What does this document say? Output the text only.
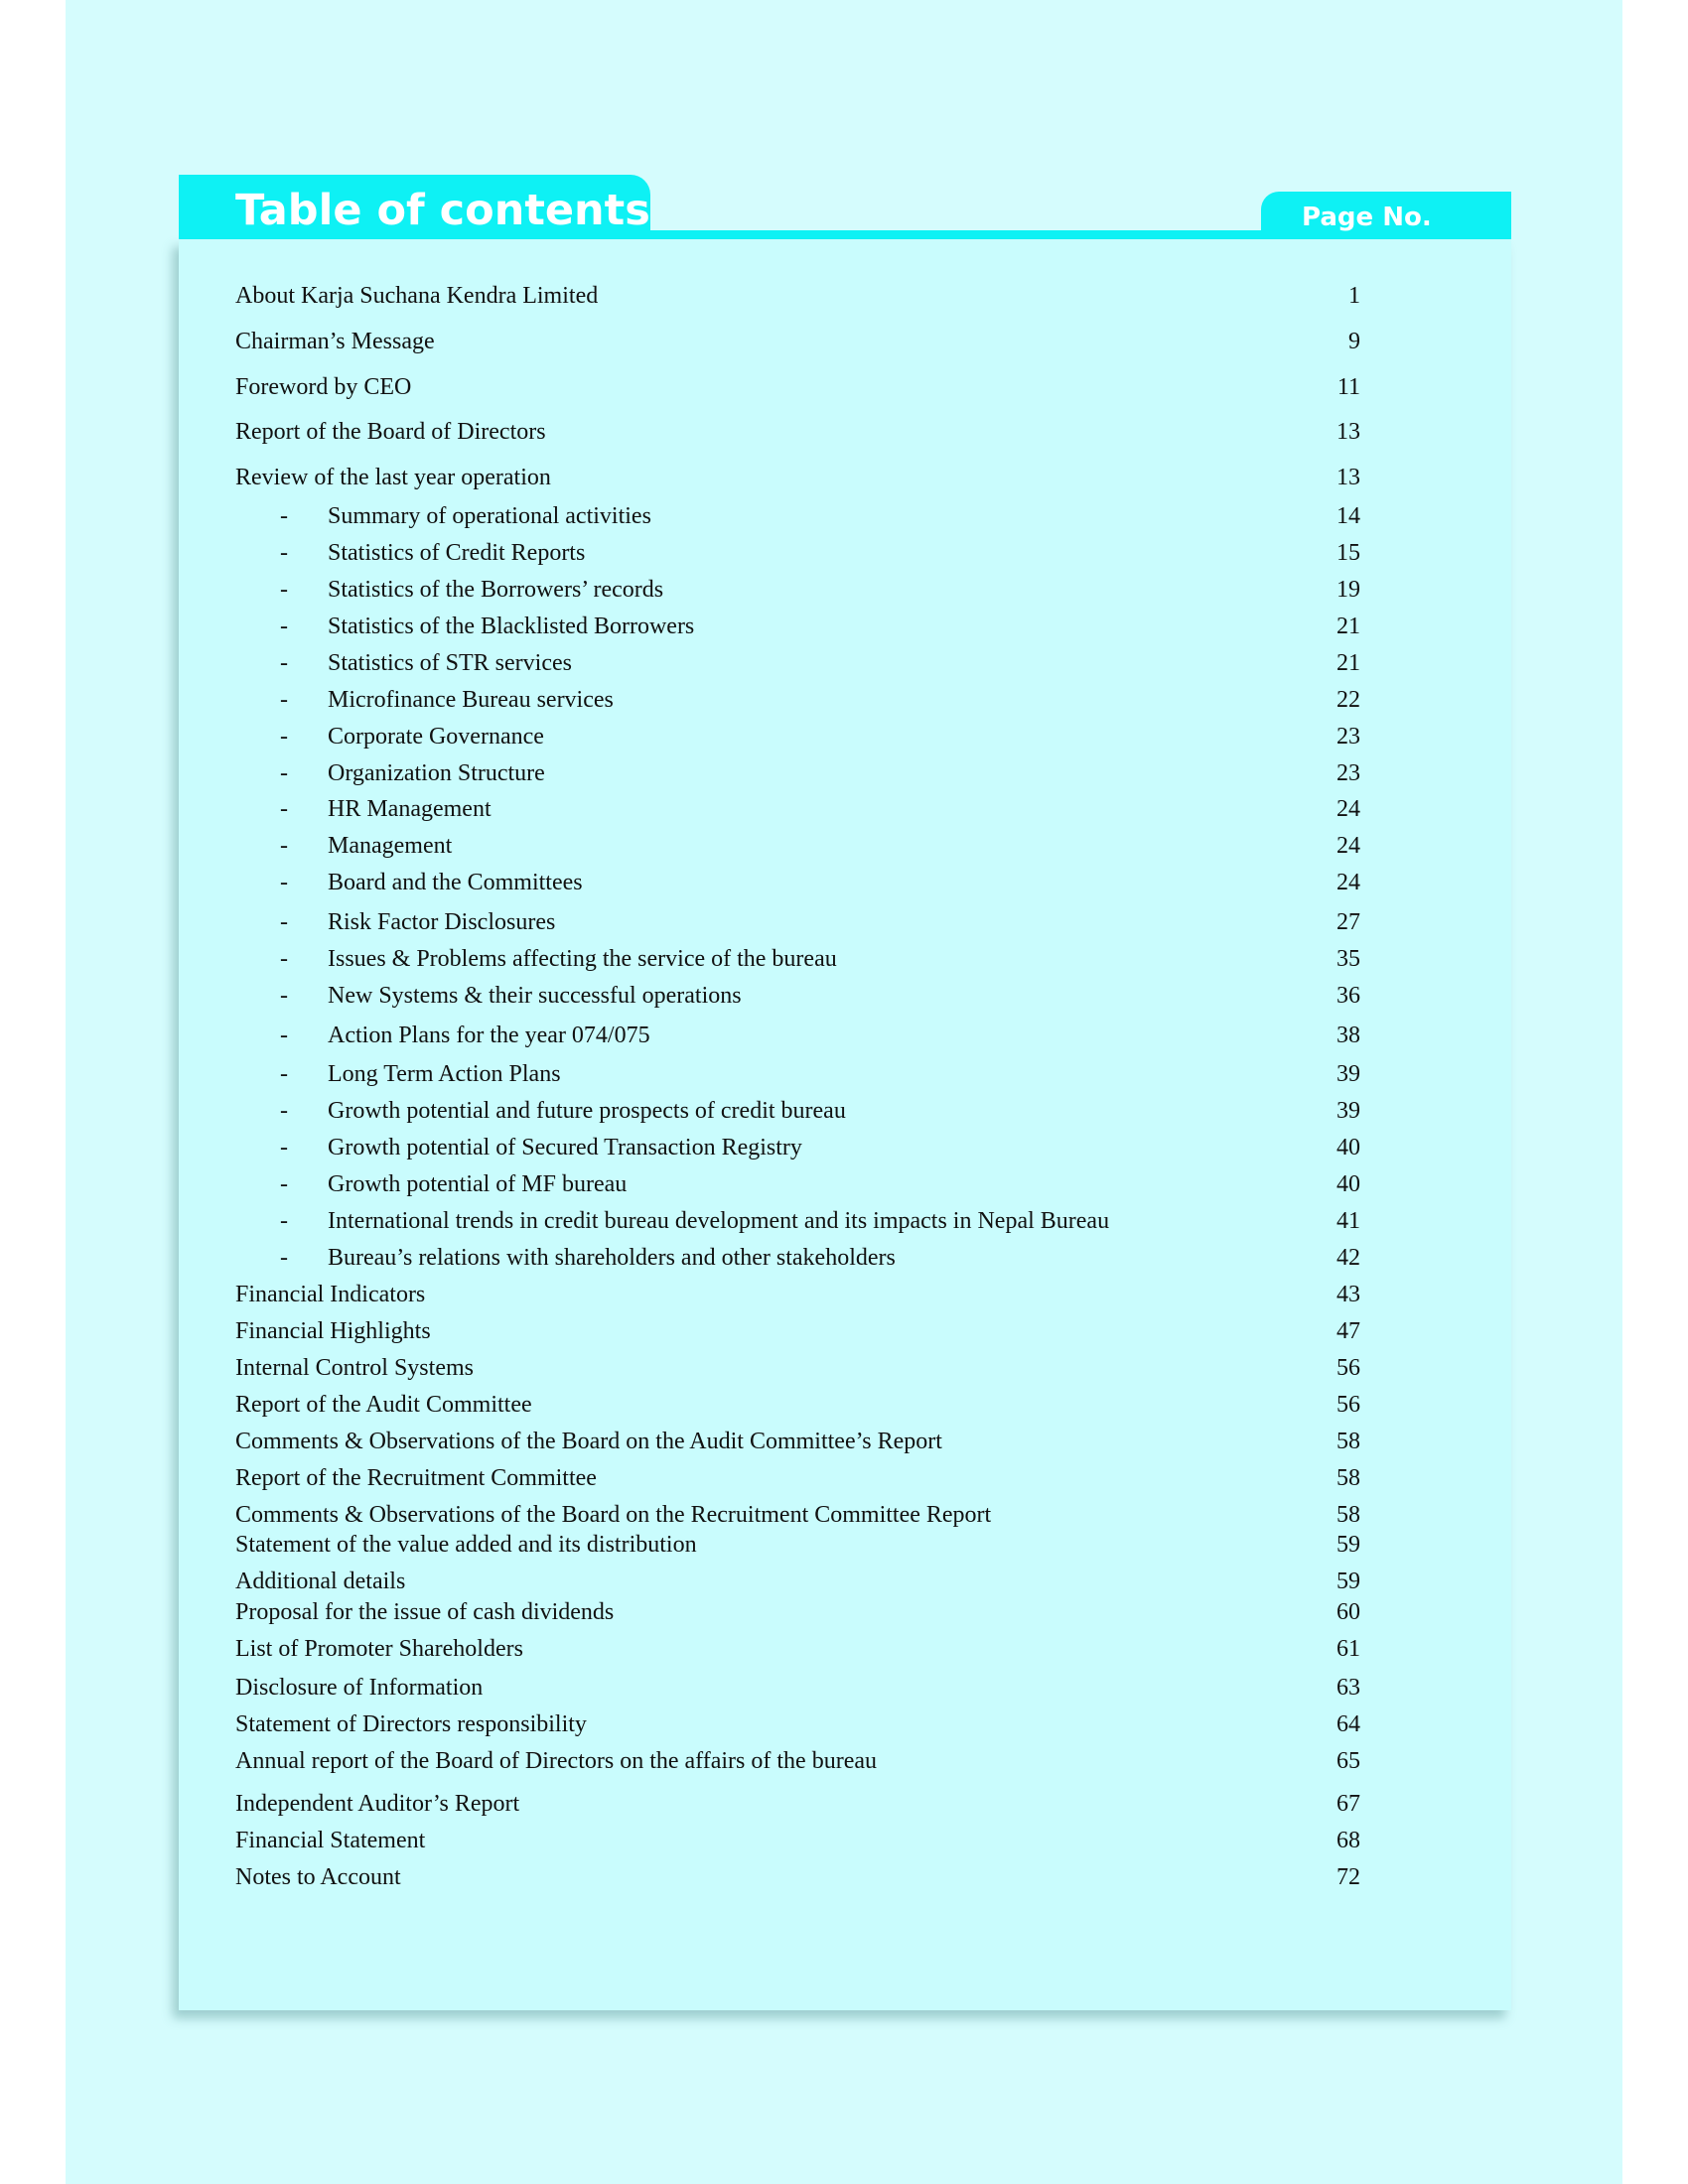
Table of contents	Page No.
About Karja Suchana Kendra Limited	1
Chairman’s Message	9
Foreword by CEO	11
Report of the Board of Directors	13
Review of the last year operation	13
- Summary of operational activities	14
- Statistics of Credit Reports	15
- Statistics of the Borrowers’ records	19
- Statistics of the Blacklisted Borrowers	21
- Statistics of STR services	21
- Microfinance Bureau services	22
- Corporate Governance	23
- Organization Structure	23
- HR Management	24
- Management	24
- Board and the Committees	24
- Risk Factor Disclosures	27
- Issues & Problems affecting the service of the bureau	35
- New Systems & their successful operations	36
- Action Plans for the year 074/075	38
- Long Term Action Plans	39
- Growth potential and future prospects of credit bureau	39
- Growth potential of Secured Transaction Registry	40
- Growth potential of MF bureau	40
- International trends in credit bureau development and its impacts in Nepal Bureau	41
- Bureau’s relations with shareholders and other stakeholders	42
Financial Indicators	43
Financial Highlights	47
Internal Control Systems	56
Report of the Audit Committee	56
Comments & Observations of the Board on the Audit Committee’s Report	58
Report of the Recruitment Committee	58
Comments & Observations of the Board on the Recruitment Committee Report	58
Statement of the value added and its distribution	59
Additional details	59
Proposal for the issue of cash dividends	60
List of Promoter Shareholders	61
Disclosure of Information	63
Statement of Directors responsibility	64
Annual report of the Board of Directors on the affairs of the bureau	65
Independent Auditor’s Report	67
Financial Statement	68
Notes to Account	72
